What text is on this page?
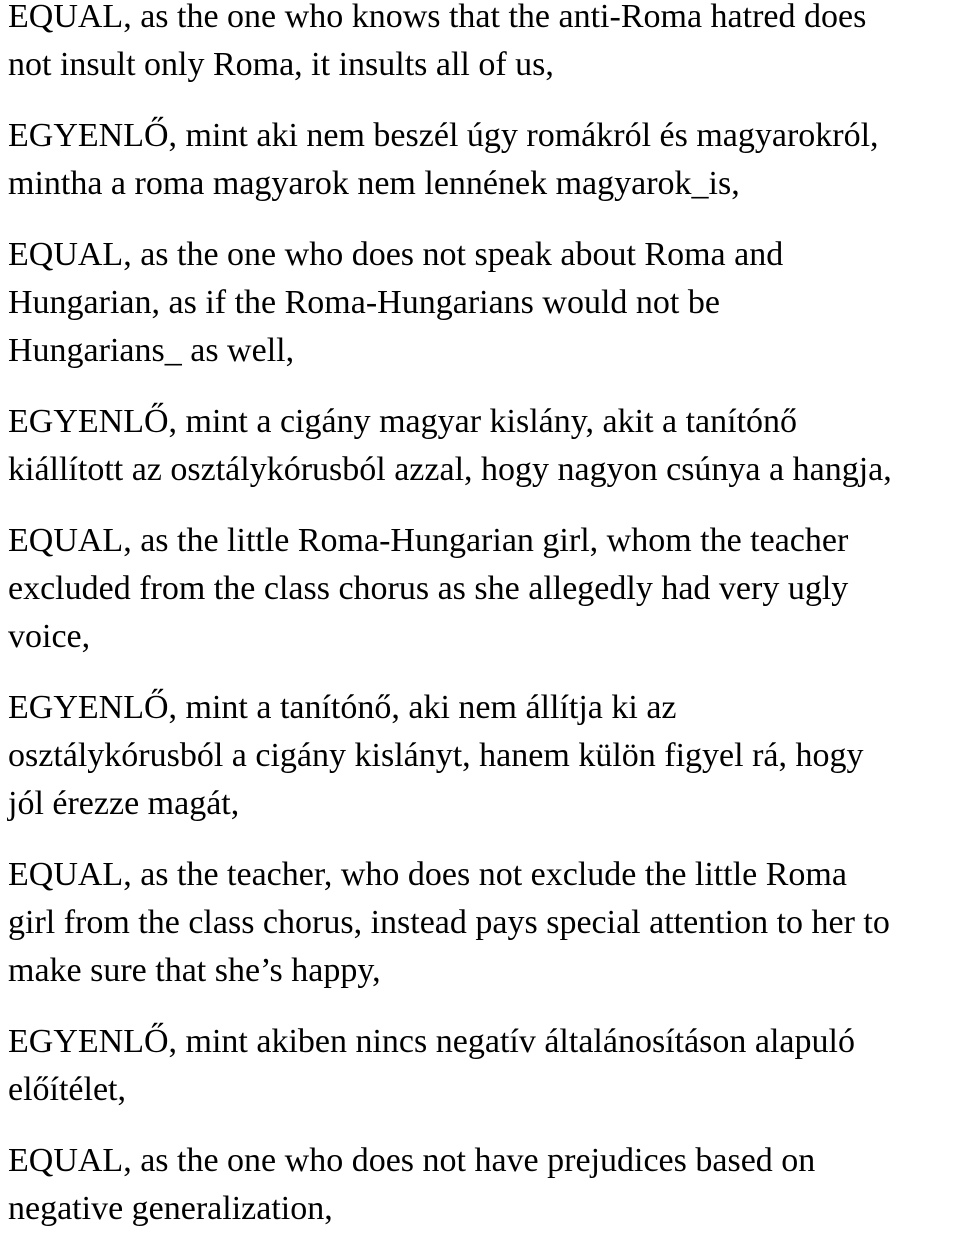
EQUAL, as the one who knows that the anti-Roma hatred does
not insult only Roma, it insults all of us,
EGYENLŐ, mint aki nem beszél úgy romákról és magyarokról,
mintha a roma magyarok nem lennének magyarok_is,
EQUAL, as the one who does not speak about Roma and
Hungarian, as if the Roma-Hungarians would not be
Hungarians_ as well,
EGYENLŐ, mint a cigány magyar kislány, akit a tanítónő
kiállított az osztálykórusból azzal, hogy nagyon csúnya a hangja,
EQUAL, as the little Roma-Hungarian girl, whom the teacher
excluded from the class chorus as she allegedly had very ugly
voice,
EGYENLŐ, mint a tanítónő, aki nem állítja ki az
osztálykórusból a cigány kislányt, hanem külön figyel rá, hogy
jól érezze magát,
EQUAL, as the teacher, who does not exclude the little Roma
girl from the class chorus, instead pays special attention to her to
make sure that she’s happy,
EGYENLŐ, mint akiben nincs negatív általánosításon alapuló
előítélet,
EQUAL, as the one who does not have prejudices based on
negative generalization,
